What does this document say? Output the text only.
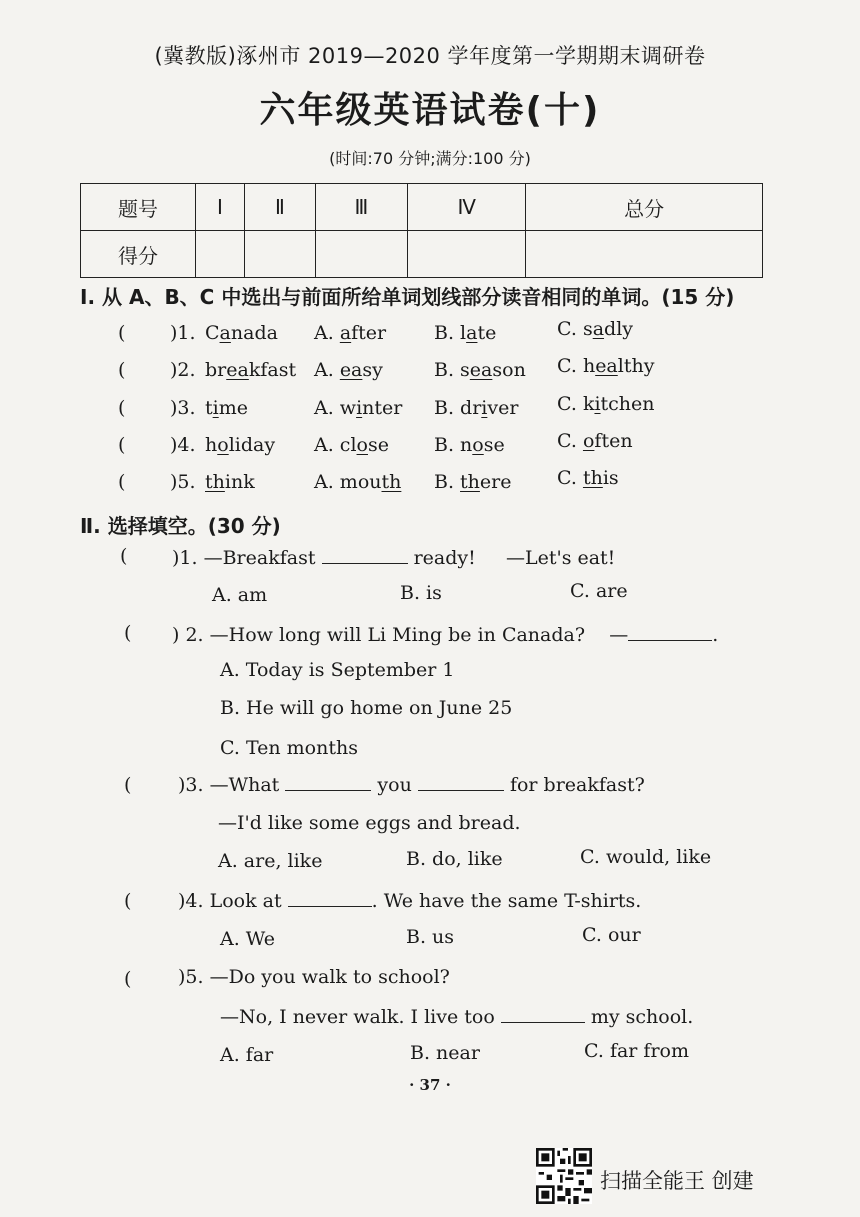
(冀教版)涿州市 2019—2020 学年度第一学期期末调研卷
六年级英语试卷(十)
(时间:70 分钟;满分:100 分)
题号	Ⅰ	Ⅱ	Ⅲ	Ⅳ	总分
得分					
Ⅰ. 从 A、B、C 中选出与前面所给单词划线部分读音相同的单词。(15 分)
( )1. Canada A. after	B. late	C. sadly
( )2. breakfast A. easy	B. season C. healthy
( )3. time	A. winter B. driver C. kitchen
( )4. holiday A. close B. nose	C. often
( )5. think	A. mouth B. there C. this
Ⅱ. 选择填空。(30 分)
( )1. —Breakfast	ready! —Let's eat!
A. am	B. is	C. are
( ) 2. —How long will Li Ming be in Canada? —	.
A. Today is September 1
B. He will go home on June 25
C. Ten months
( )3. —What	you	for breakfast?
—I'd like some eggs and bread.
A. are, like	B. do, like	C. would, like
( )4. Look at	. We have the same T-shirts.
A. We	B. us	C. our
( )5. —Do you walk to school?
—No, I never walk. I live too	my school.
A. far	B. near	C. far from
· 37 ·
扫描全能王 创建
